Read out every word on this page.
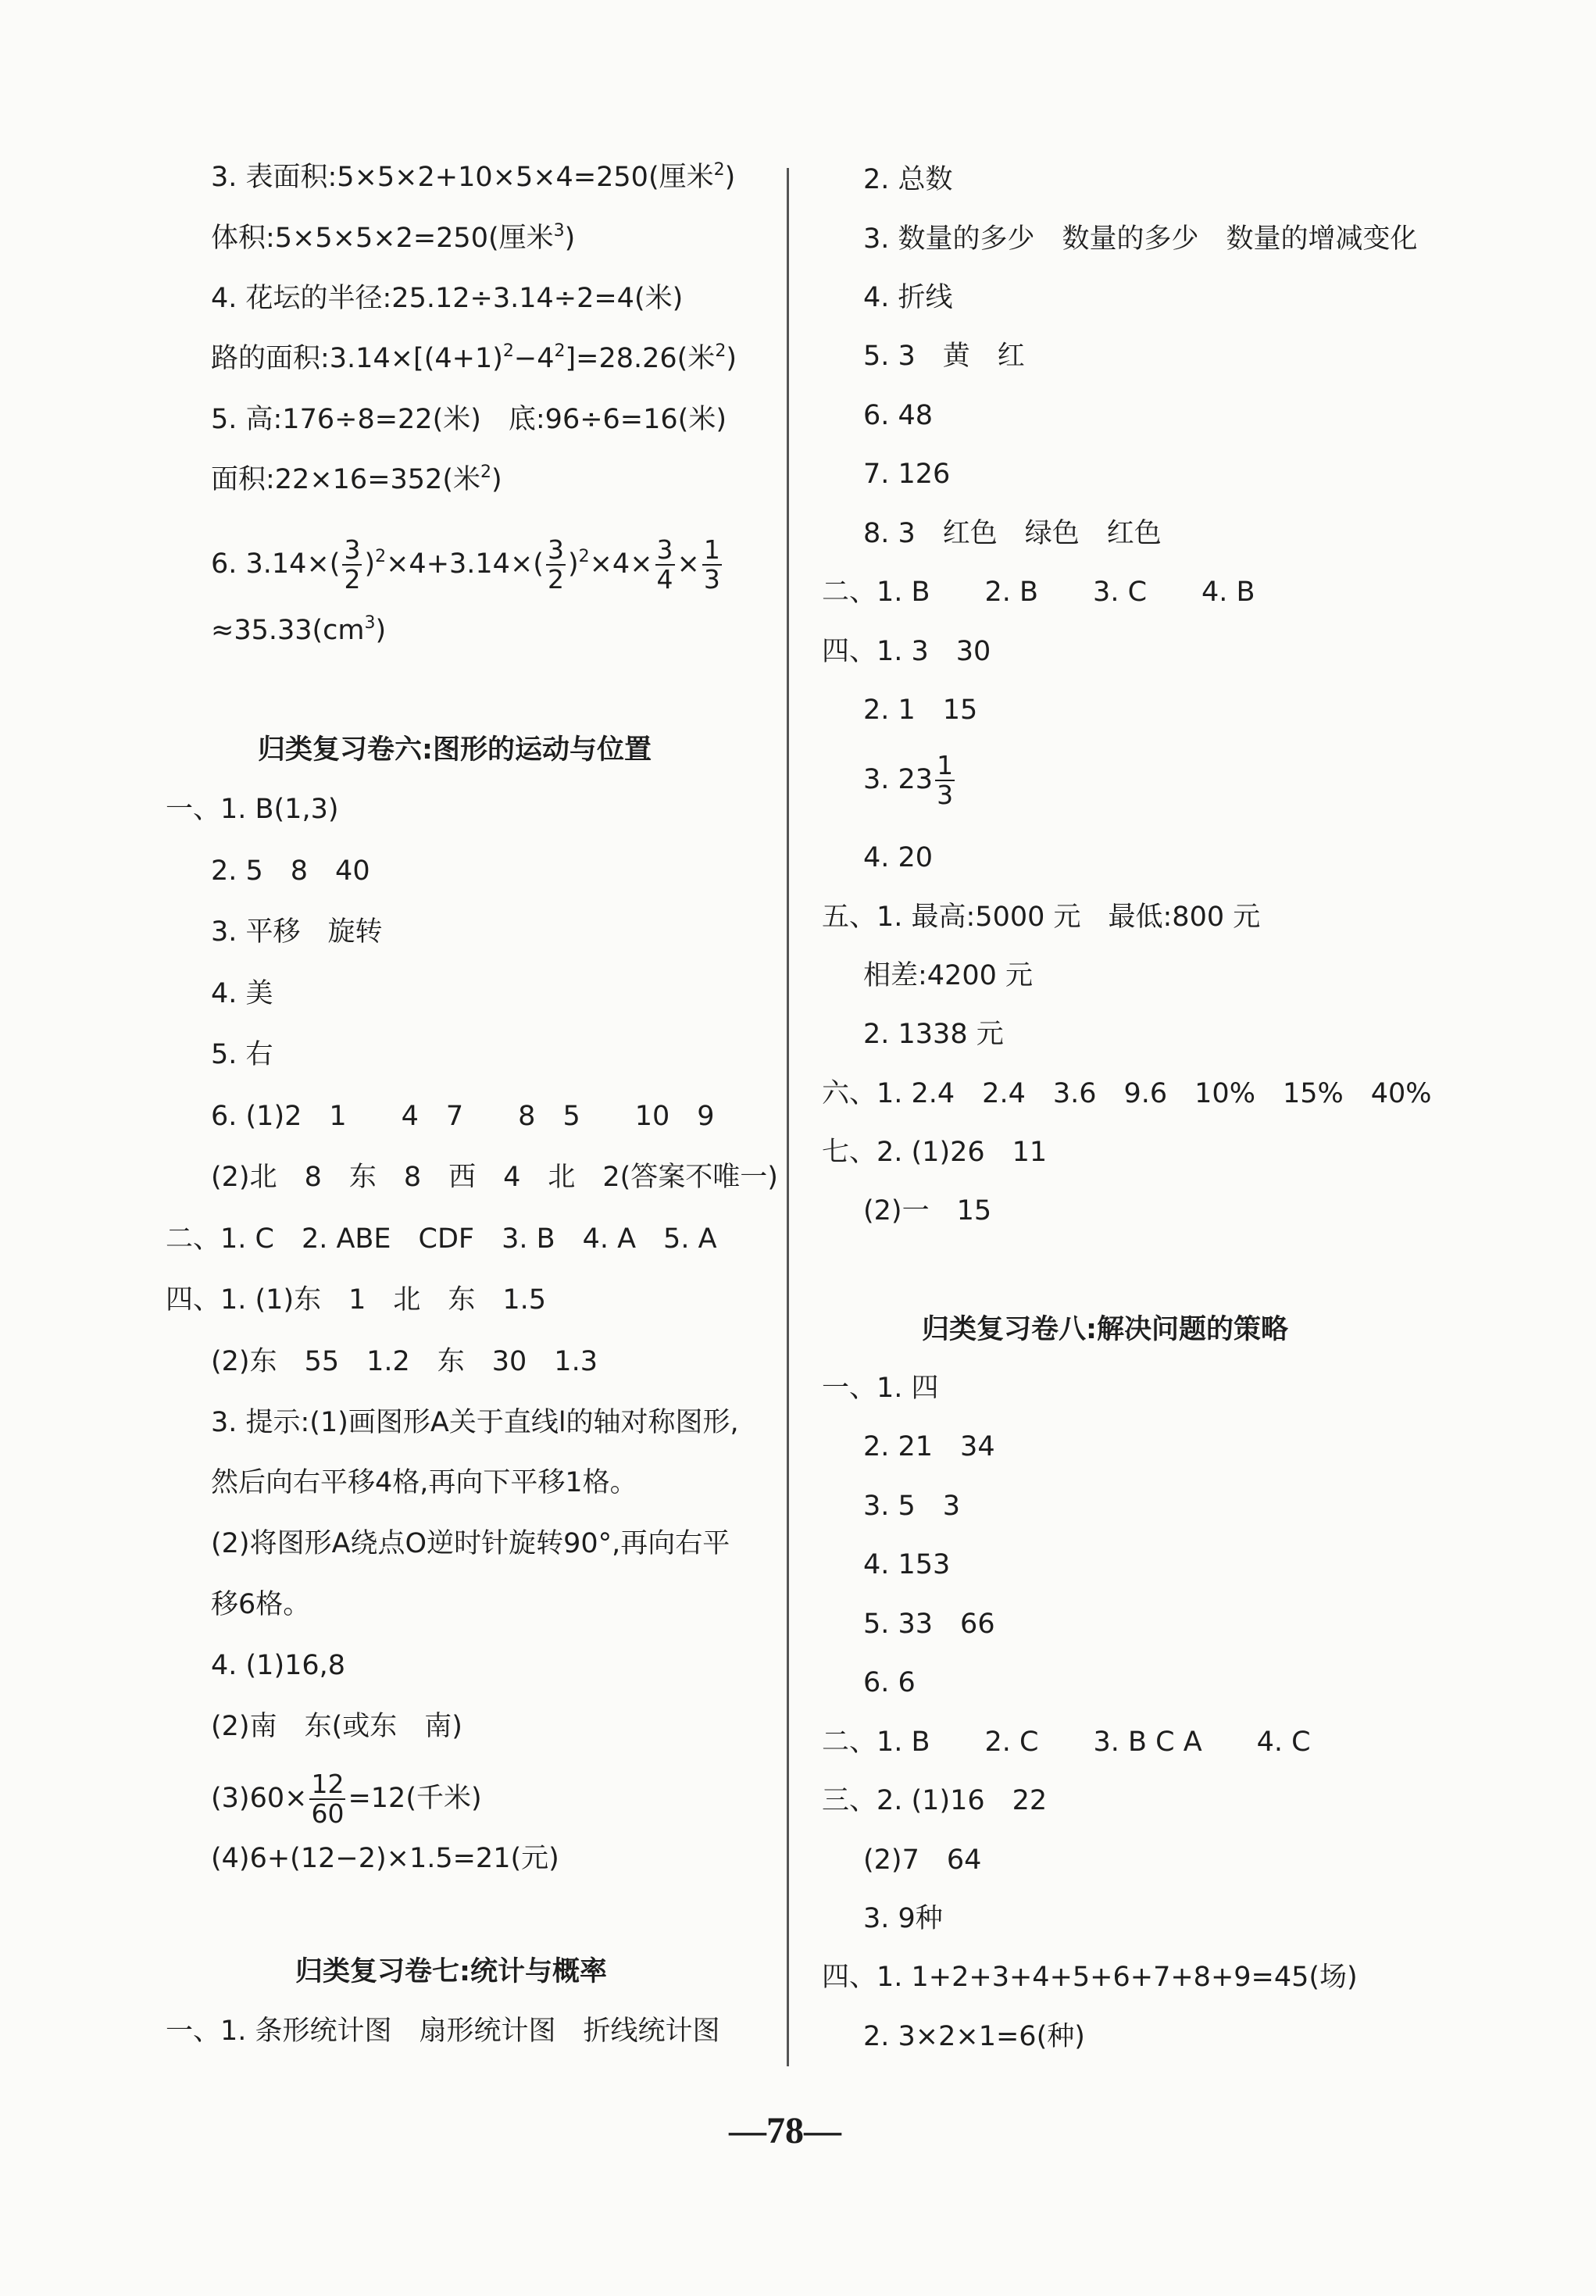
3. 表面积:5×5×2+10×5×4=250(厘米$^2$)
体积:5×5×5×2=250(厘米$^3$)
4. 花坛的半径:25.12÷3.14÷2=4(米)
路的面积$:3.14\times[(4+1)^2-4^2]=28.26$(米$^2$)
5. 高:176÷8=22(米)　底:96÷6=16(米)
面积:22×16=352(米$^2$)
6. $3.14\times( \frac{3}{2} )^2\times 4+3.14\times( \frac{3}{2} )^2\times 4\times \frac{3}{4} \times \frac{1}{3}$
$\approx 35.33(cm^3)$
归类复习卷六:图形的运动与位置
一、1. B(1,3)
2. 5　8　40
3. 平移　旋转
4. 美
5. 右
6. (1)2　1　　4　7　　8　5　　10　9
(2)北　8　东　8　西　4　北　2(答案不唯一)
二、1. C　2. ABE　CDF　3. B　4. A　5. A
四、1. (1)东　1　北　东　1.5
(2)东　55　1.2　东　30　1.3
3. 提示:(1)画图形A关于直线l的轴对称图形,
然后向右平移4格,再向下平移1格。
(2)将图形A绕点O逆时针旋转90°,再向右平
移6格。
4. (1)16,8
(2)南　东(或东　南)
$(3)60\times \frac{12}{60} =12$(千米)
(4)6+(12−2)×1.5=21(元)
归类复习卷七:统计与概率
一、1. 条形统计图　扇形统计图　折线统计图
2. 总数
3. 数量的多少　数量的多少　数量的增减变化
4. 折线
5. 3　黄　红
6. 48
7. 126
8. 3　红色　绿色　红色
二、1. B　　2. B　　3. C　　4. B
四、1. 3　30
2. 1　15
3. $23 \frac{1}{3}$
4. 20
五、1. 最高:5000 元　最低:800 元
相差:4200 元
2. 1338 元
六、1. 2.4　2.4　3.6　9.6　10%　15%　40%
七、2. (1)26　11
(2)一　15
归类复习卷八:解决问题的策略
一、1. 四
2. 21　34
3. 5　3
4. 153
5. 33　66
6. 6
二、1. B　　2. C　　3. B C A　　4. C
三、2. (1)16　22
(2)7　64
3. 9种
四、1. 1+2+3+4+5+6+7+8+9=45(场)
2. 3×2×1=6(种)
—78—
